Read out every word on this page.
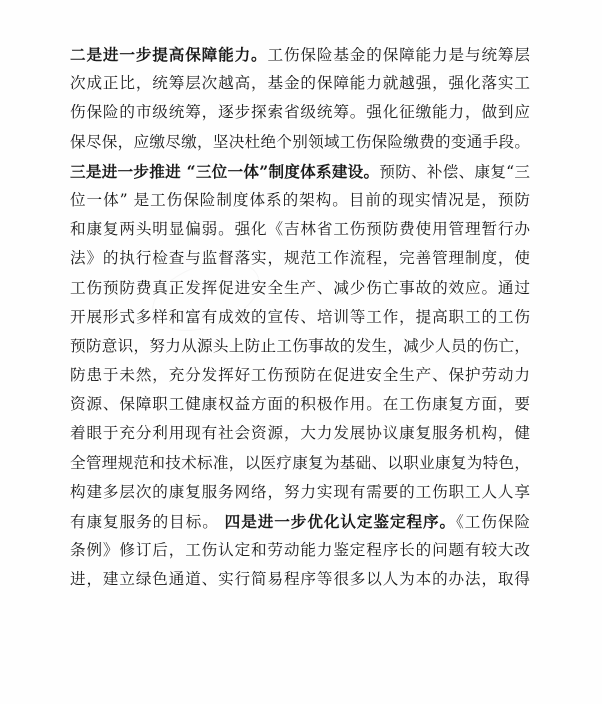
二是进一步提高保障能力。工伤保险基金的保障能力是与统筹层
次成正比，统筹层次越高，基金的保障能力就越强，强化落实工
伤保险的市级统筹，逐步探索省级统筹。强化征缴能力，做到应
保尽保，应缴尽缴，坚决杜绝个别领域工伤保险缴费的变通手段。
三是进一步推进 “三位一体”制度体系建设。预防、补偿、康复“三
位一体” 是工伤保险制度体系的架构。目前的现实情况是，预防
和康复两头明显偏弱。强化《吉林省工伤预防费使用管理暂行办
法》的执行检查与监督落实，规范工作流程，完善管理制度，使
工伤预防费真正发挥促进安全生产、减少伤亡事故的效应。通过
开展形式多样和富有成效的宣传、培训等工作，提高职工的工伤
预防意识，努力从源头上防止工伤事故的发生，减少人员的伤亡，
防患于未然，充分发挥好工伤预防在促进安全生产、保护劳动力
资源、保障职工健康权益方面的积极作用。在工伤康复方面，要
着眼于充分利用现有社会资源，大力发展协议康复服务机构，健
全管理规范和技术标准，以医疗康复为基础、以职业康复为特色，
构建多层次的康复服务网络，努力实现有需要的工伤职工人人享
有康复服务的目标。 四是进一步优化认定鉴定程序。《工伤保险
条例》修订后，工伤认定和劳动能力鉴定程序长的问题有较大改
进，建立绿色通道、实行简易程序等很多以人为本的办法，取得
